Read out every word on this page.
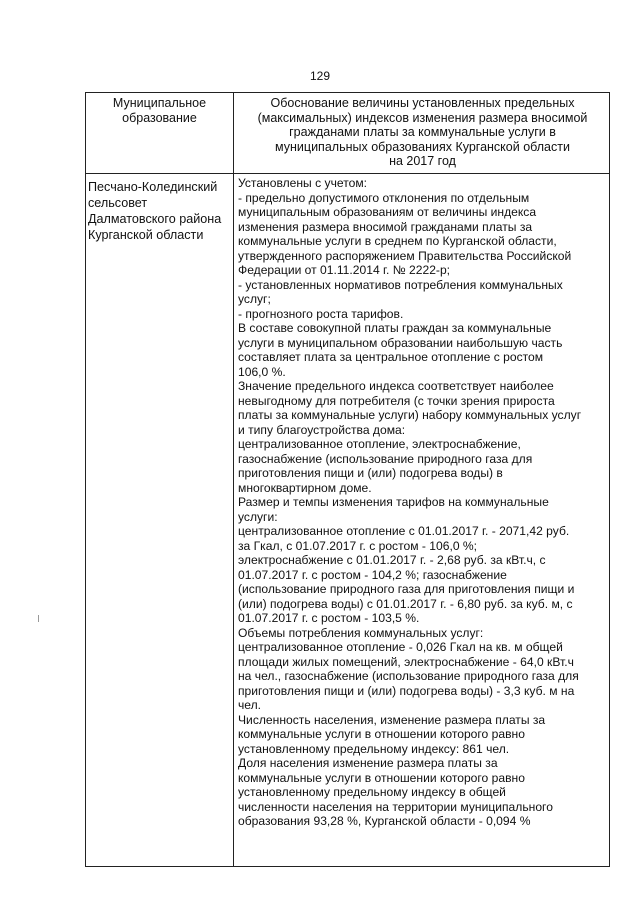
129
Муниципальное
образование
Обоснование величины установленных предельных
(максимальных) индексов изменения размера вносимой
гражданами платы за коммунальные услуги в
муниципальных образованиях Курганской области
на 2017 год
Песчано-Колединский
сельсовет
Далматовского района
Курганской области
Установлены с учетом:
- предельно допустимого отклонения по отдельным
муниципальным образованиям от величины индекса
изменения размера вносимой гражданами платы за
коммунальные услуги в среднем по Курганской области,
утвержденного распоряжением Правительства Российской
Федерации от 01.11.2014 г. № 2222-р;
- установленных нормативов потребления коммунальных
услуг;
- прогнозного роста тарифов.
В составе совокупной платы граждан за коммунальные
услуги в муниципальном образовании наибольшую часть
составляет плата за центральное отопление с ростом
106,0 %.
Значение предельного индекса соответствует наиболее
невыгодному для потребителя (с точки зрения прироста
платы за коммунальные услуги) набору коммунальных услуг
и типу благоустройства дома:
централизованное отопление, электроснабжение,
газоснабжение (использование природного газа для
приготовления пищи и (или) подогрева воды) в
многоквартирном доме.
Размер и темпы изменения тарифов на коммунальные
услуги:
централизованное отопление с 01.01.2017 г. - 2071,42 руб.
за Гкал, с 01.07.2017 г. с ростом - 106,0 %;
электроснабжение с 01.01.2017 г. - 2,68 руб. за кВт.ч, с
01.07.2017 г. с ростом - 104,2 %; газоснабжение
(использование природного газа для приготовления пищи и
(или) подогрева воды) с 01.01.2017 г. - 6,80 руб. за куб. м, с
01.07.2017 г. с ростом - 103,5 %.
Объемы потребления коммунальных услуг:
централизованное отопление - 0,026 Гкал на кв. м общей
площади жилых помещений, электроснабжение - 64,0 кВт.ч
на чел., газоснабжение (использование природного газа для
приготовления пищи и (или) подогрева воды) - 3,3 куб. м на
чел.
Численность населения, изменение размера платы за
коммунальные услуги в отношении которого равно
установленному предельному индексу: 861 чел.
Доля населения изменение размера платы за
коммунальные услуги в отношении которого равно
установленному предельному индексу в общей
численности населения на территории муниципального
образования 93,28 %, Курганской области - 0,094 %
